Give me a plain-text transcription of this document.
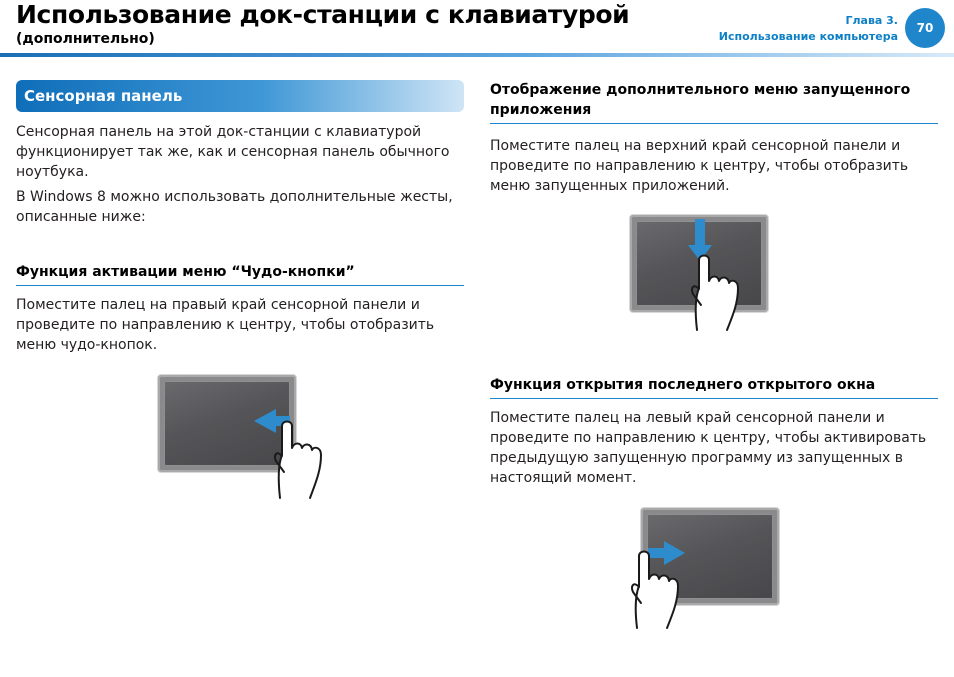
Использование док-станции с клавиатурой
(дополнительно)
Глава 3.
Использование компьютера
70
Сенсорная панель

Сенсорная панель на этой док-станции с клавиатурой функционирует так же, как и сенсорная панель обычного ноутбука.

В Windows 8 можно использовать дополнительные жесты, описанные ниже:

Функция активации меню “Чудо-кнопки”

Поместите палец на правый край сенсорной панели и проведите по направлению к центру, чтобы отобразить меню чудо-кнопок.

Отображение дополнительного меню запущенного приложения

Поместите палец на верхний край сенсорной панели и проведите по направлению к центру, чтобы отобразить меню запущенных приложений.

Функция открытия последнего открытого окна

Поместите палец на левый край сенсорной панели и проведите по направлению к центру, чтобы активировать предыдущую запущенную программу из запущенных в настоящий момент.
